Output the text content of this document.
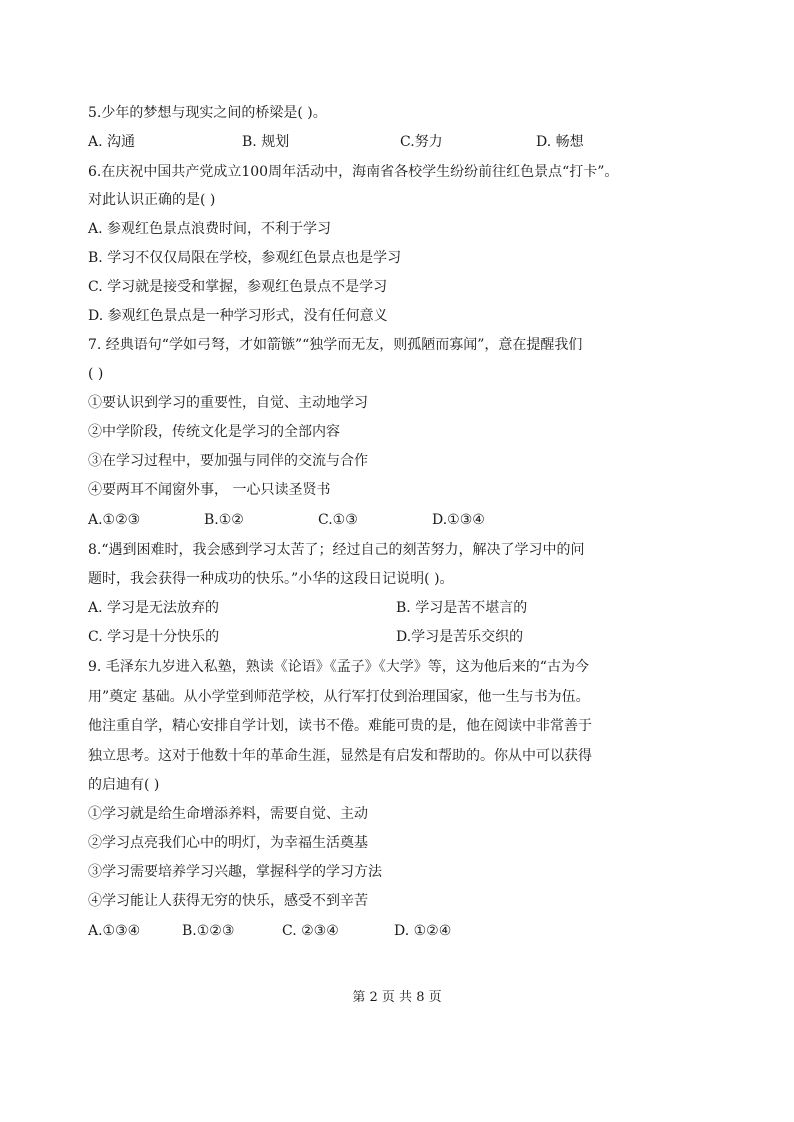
5.少年的梦想与现实之间的桥梁是( )。
A. 沟通	B. 规划	C.努力	D. 畅想
6.在庆祝中国共产党成立100周年活动中，海南省各校学生纷纷前往红色景点“打卡”。
对此认识正确的是( )
A. 参观红色景点浪费时间，不利于学习
B. 学习不仅仅局限在学校，参观红色景点也是学习
C. 学习就是接受和掌握，参观红色景点不是学习
D. 参观红色景点是一种学习形式，没有任何意义
7. 经典语句“学如弓弩，才如箭镞”“独学而无友，则孤陋而寡闻”，意在提醒我们
( )
①要认识到学习的重要性，自觉、主动地学习
②中学阶段，传统文化是学习的全部内容
③在学习过程中，要加强与同伴的交流与合作
④要两耳不闻窗外事， 一心只读圣贤书
A.①②③	B.①②	C.①③	D.①③④
8.“遇到困难时，我会感到学习太苦了；经过自己的刻苦努力，解决了学习中的问
题时，我会获得一种成功的快乐。”小华的这段日记说明( )。
A. 学习是无法放弃的	B. 学习是苦不堪言的
C. 学习是十分快乐的	D.学习是苦乐交织的
9. 毛泽东九岁进入私塾，熟读《论语》《孟子》《大学》等，这为他后来的“古为今
用”奠定 基础。从小学堂到师范学校，从行军打仗到治理国家，他一生与书为伍。
他注重自学，精心安排自学计划，读书不倦。难能可贵的是，他在阅读中非常善于
独立思考。这对于他数十年的革命生涯，显然是有启发和帮助的。你从中可以获得
的启迪有( )
①学习就是给生命增添养料，需要自觉、主动
②学习点亮我们心中的明灯，为幸福生活奠基
③学习需要培养学习兴趣，掌握科学的学习方法
④学习能让人获得无穷的快乐，感受不到辛苦
A.①③④	B.①②③	C. ②③④	D. ①②④
第 2 页 共 8 页
